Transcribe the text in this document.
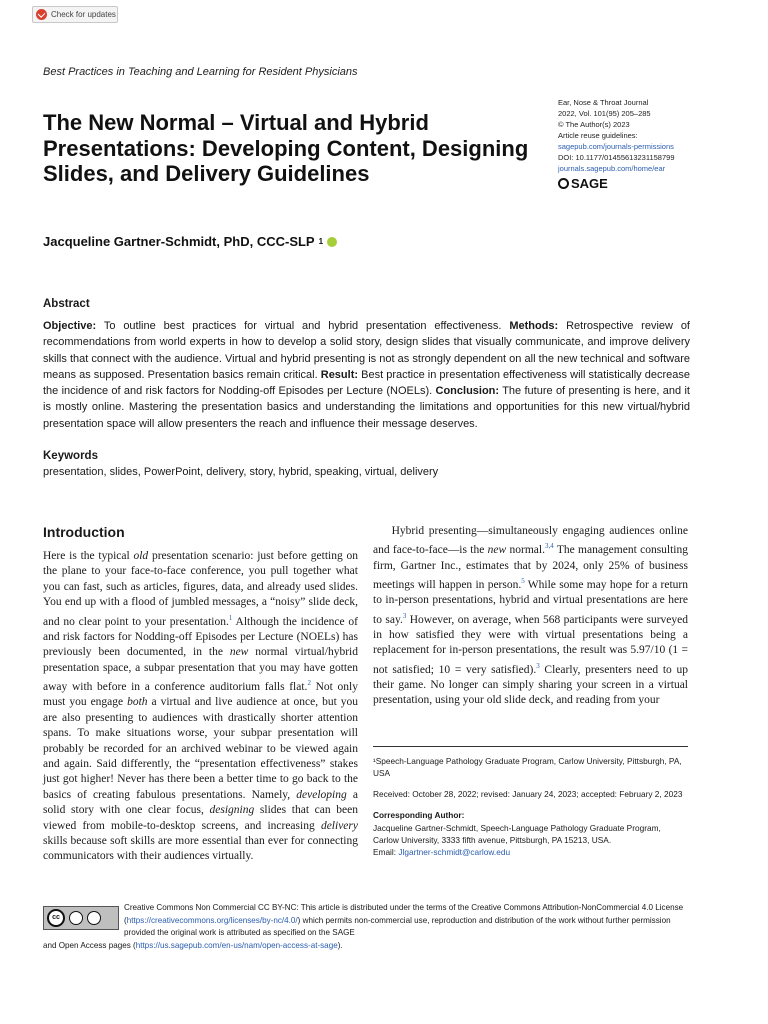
Check for updates
Best Practices in Teaching and Learning for Resident Physicians
The New Normal – Virtual and Hybrid Presentations: Developing Content, Designing Slides, and Delivery Guidelines
Ear, Nose & Throat Journal
2022, Vol. 101(95) 205–285
© The Author(s) 2023
Article reuse guidelines:
sagepub.com/journals-permissions
DOI: 10.1177/01455613231158799
journals.sagepub.com/home/ear
SAGE
Jacqueline Gartner-Schmidt, PhD, CCC-SLP 1
Abstract

Objective: To outline best practices for virtual and hybrid presentation effectiveness. Methods: Retrospective review of recommendations from world experts in how to develop a solid story, design slides that visually communicate, and improve delivery skills that connect with the audience. Virtual and hybrid presenting is not as strongly dependent on all the new technical and software means as supposed. Presentation basics remain critical. Result: Best practice in presentation effectiveness will statistically decrease the incidence of and risk factors for Nodding-off Episodes per Lecture (NOELs). Conclusion: The future of presenting is here, and it is mostly online. Mastering the presentation basics and understanding the limitations and opportunities for this new virtual/hybrid presentation space will allow presenters the reach and influence their message deserves.

Keywords
presentation, slides, PowerPoint, delivery, story, hybrid, speaking, virtual, delivery
Introduction

Here is the typical old presentation scenario: just before getting on the plane to your face-to-face conference, you pull together what you can fast, such as articles, figures, data, and already used slides. You end up with a flood of jumbled messages, a “noisy” slide deck, and no clear point to your presentation.$^1$ Although the incidence of and risk factors for Nodding-off Episodes per Lecture (NOELs) has previously been documented, in the new normal virtual/hybrid presentation space, a subpar presentation that you may have gotten away with before in a conference auditorium falls flat.$^2$ Not only must you engage both a virtual and live audience at once, but you are also presenting to audiences with drastically shorter attention spans. To make situations worse, your subpar presentation will probably be recorded for an archived webinar to be viewed again and again. Said differently, the “presentation effectiveness” stakes just got higher! Never has there been a better time to go back to the basics of creating fabulous presentations. Namely, developing a solid story with one clear focus, designing slides that can been viewed from mobile-to-desktop screens, and increasing delivery skills because soft skills are more essential than ever for connecting communicators with their audiences virtually.

Hybrid presenting—simultaneously engaging audiences online and face-to-face—is the new normal.$^{3,4}$ The management consulting firm, Gartner Inc., estimates that by 2024, only 25% of business meetings will happen in person.$^5$ While some may hope for a return to in-person presentations, hybrid and virtual presentations are here to say.$^3$ However, on average, when 568 participants were surveyed in how satisfied they were with virtual presentations being a replacement for in-person presentations, the result was 5.97/10 (1 = not satisfied; 10 = very satisfied).$^3$ Clearly, presenters need to up their game. No longer can simply sharing your screen in a virtual presentation, using your old slide deck, and reading from your

¹Speech-Language Pathology Graduate Program, Carlow University, Pittsburgh, PA, USA

Received: October 28, 2022; revised: January 24, 2023; accepted: February 2, 2023

Corresponding Author:

Jacqueline Gartner-Schmidt, Speech-Language Pathology Graduate Program, Carlow University, 3333 fifth avenue, Pittsburgh, PA 15213, USA.
Email: Jlgartner-schmidt@carlow.edu
cc
Creative Commons Non Commercial CC BY-NC: This article is distributed under the terms of the Creative Commons Attribution-NonCommercial 4.0 License (https://creativecommons.org/licenses/by-nc/4.0/) which permits non-commercial use, reproduction and distribution of the work without further permission provided the original work is attributed as specified on the SAGE
and Open Access pages (https://us.sagepub.com/en-us/nam/open-access-at-sage).
